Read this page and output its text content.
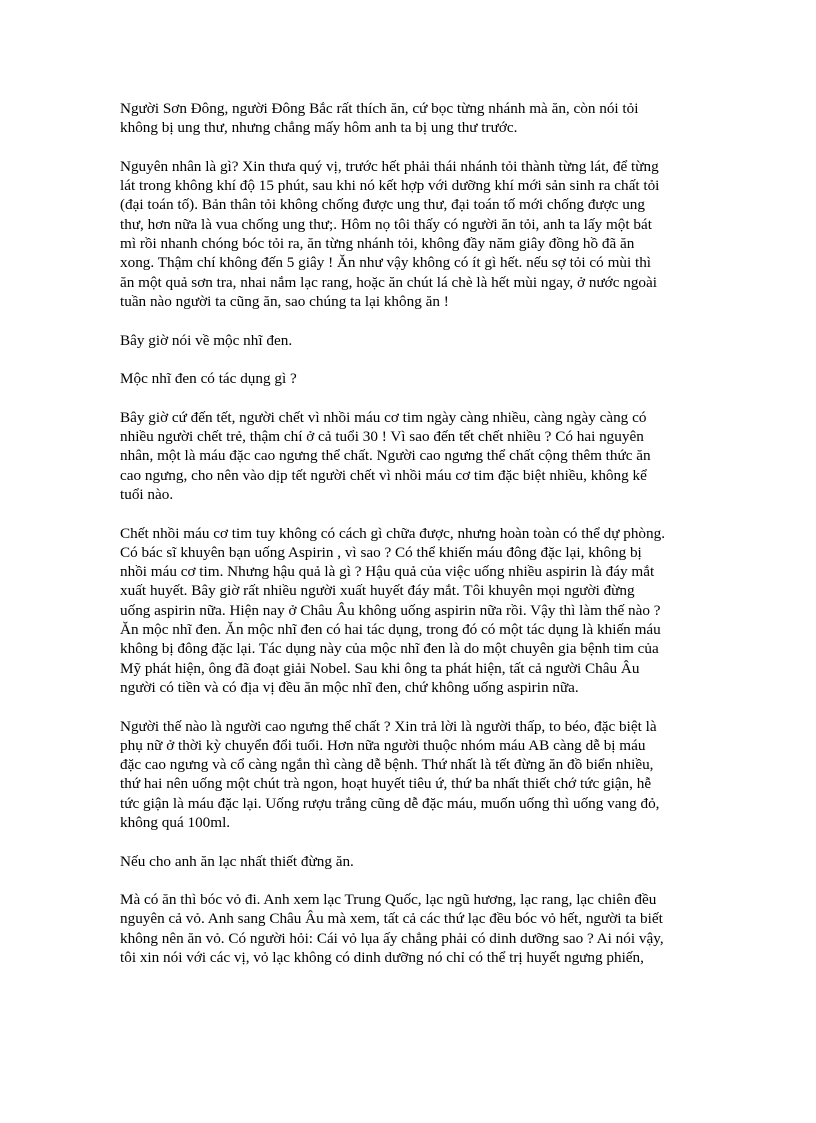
Người Sơn Đông, người Đông Bắc rất thích ăn, cứ bọc từng nhánh mà ăn, còn nói tỏi
không bị ung thư, nhưng chẳng mấy hôm anh ta bị ung thư trước.
Nguyên nhân là gì? Xin thưa quý vị, trước hết phải thái nhánh tỏi thành từng lát, để từng
lát trong không khí độ 15 phút, sau khi nó kết hợp với dưỡng khí mới sản sinh ra chất tỏi
(đại toán tố). Bản thân tỏi không chống được ung thư, đại toán tố mới chống được ung
thư, hơn nữa là vua chống ung thư;. Hôm nọ tôi thấy có người ăn tỏi, anh ta lấy một bát
mì rồi nhanh chóng bóc tỏi ra, ăn từng nhánh tỏi, không đầy năm giây đồng hồ đã ăn
xong. Thậm chí không đến 5 giây ! Ăn như vậy không có ít gì hết. nếu sợ tỏi có mùi thì
ăn một quả sơn tra, nhai nắm lạc rang, hoặc ăn chút lá chè là hết mùi ngay, ở nước ngoài
tuần nào người ta cũng ăn, sao chúng ta lại không ăn !
Bây giờ nói về mộc nhĩ đen.
Mộc nhĩ đen có tác dụng gì ?
Bây giờ cứ đến tết, người chết vì nhồi máu cơ tim ngày càng nhiều, càng ngày càng có
nhiều người chết trẻ, thậm chí ở cả tuổi 30 ! Vì sao đến tết chết nhiều ? Có hai nguyên
nhân, một là máu đặc cao ngưng thể chất. Người cao ngưng thể chất cộng thêm thức ăn
cao ngưng, cho nên vào dịp tết người chết vì nhồi máu cơ tim đặc biệt nhiều, không kể
tuổi nào.
Chết nhồi máu cơ tim tuy không có cách gì chữa được, nhưng hoàn toàn có thể dự phòng.
Có bác sĩ khuyên bạn uống Aspirin , vì sao ? Có thể khiến máu đông đặc lại, không bị
nhồi máu cơ tim. Nhưng hậu quả là gì ? Hậu quả của việc uống nhiều aspirin là đáy mắt
xuất huyết. Bây giờ rất nhiều người xuất huyết đáy mắt. Tôi khuyên mọi người đừng
uống aspirin nữa. Hiện nay ở Châu Âu không uống aspirin nữa rồi. Vậy thì làm thế nào ?
Ăn mộc nhĩ đen. Ăn mộc nhĩ đen có hai tác dụng, trong đó có một tác dụng là khiến máu
không bị đông đặc lại. Tác dụng này của mộc nhĩ đen là do một chuyên gia bệnh tim của
Mỹ phát hiện, ông đã đoạt giải Nobel. Sau khi ông ta phát hiện, tất cả người Châu Âu
người có tiền và có địa vị đều ăn mộc nhĩ đen, chứ không uống aspirin nữa.
Người thế nào là người cao ngưng thể chất ? Xin trả lời là người thấp, to béo, đặc biệt là
phụ nữ ở thời kỳ chuyển đổi tuổi. Hơn nữa người thuộc nhóm máu AB càng dễ bị máu
đặc cao ngưng và cổ càng ngắn thì càng dễ bệnh. Thứ nhất là tết đừng ăn đồ biển nhiều,
thứ hai nên uống một chút trà ngon, hoạt huyết tiêu ứ, thứ ba nhất thiết chớ tức giận, hễ
tức giận là máu đặc lại. Uống rượu trắng cũng dễ đặc máu, muốn uống thì uống vang đỏ,
không quá 100ml.
Nếu cho anh ăn lạc nhất thiết đừng ăn.
Mà có ăn thì bóc vỏ đi. Anh xem lạc Trung Quốc, lạc ngũ hương, lạc rang, lạc chiên đều
nguyên cả vỏ. Anh sang Châu Âu mà xem, tất cả các thứ lạc đều bóc vỏ hết, người ta biết
không nên ăn vỏ. Có người hỏi: Cái vỏ lụa ấy chẳng phải có dinh dưỡng sao ? Ai nói vậy,
tôi xin nói với các vị, vỏ lạc không có dinh dưỡng nó chỉ có thể trị huyết ngưng phiến,
